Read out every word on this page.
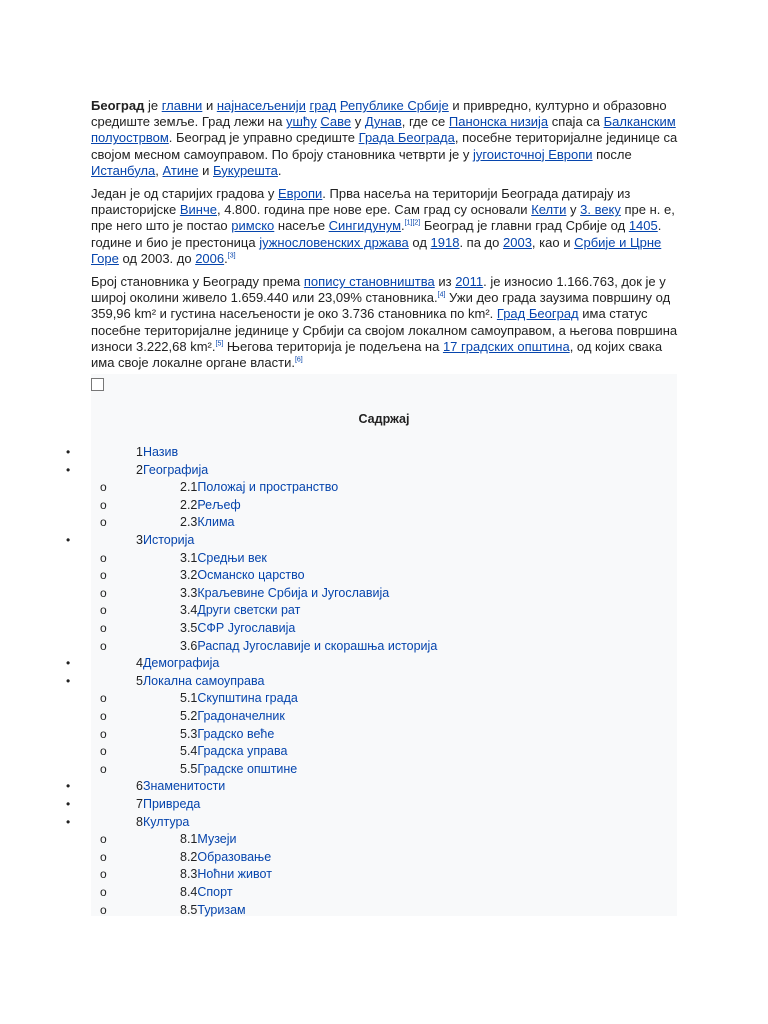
Београд је главни и најнасељенији град Републике Србије и привредно, културно и образовно средиште земље. Град лежи на ушћу Саве у Дунав, где се Панонска низија спаја са Балканским полуострвом. Београд је управно средиште Града Београда, посебне територијалне јединице са својом месном самоуправом. По броју становника четврти је у југоисточној Европи после Истанбула, Атине и Букурешта.

Један је од старијих градова у Европи. Прва насеља на територији Београда датирају из праисторијске Винче, 4.800. година пре нове ере. Сам град су основали Келти у 3. веку пре н. е, пре него што је постао римско насеље Сингидунум.[1][2] Београд је главни град Србије од 1405. године и био је престоница јужнословенских држава од 1918. па до 2003, као и Србије и Црне Горе од 2003. до 2006.[3]

Број становника у Београду према попису становништва из 2011. је износио 1.166.763, док је у широј околини живело 1.659.440 или 23,09% становника.[4] Ужи део града заузима површину од 359,96 km² и густина насељености је око 3.736 становника по km². Град Београд има статус посебне територијалне јединице у Србији са својом локалном самоуправом, а његова површина износи 3.222,68 km².[5] Његова територија је подељена на 17 градских општина, од којих свака има своје локалне органе власти.[6]

Садржај
•	1Назив
•	2Географија
o	2.1Положај и пространство
o	2.2Рељеф
o	2.3Клима
•	3Историја
o	3.1Средњи век
o	3.2Османско царство
o	3.3Краљевине Србија и Југославија
o	3.4Други светски рат
o	3.5СФР Југославија
o	3.6Распад Југославије и скорашња историја
•	4Демографија
•	5Локална самоуправа
o	5.1Скупштина града
o	5.2Градоначелник
o	5.3Градско веће
o	5.4Градска управа
o	5.5Градске општине
•	6Знаменитости
•	7Привреда
•	8Култура
o	8.1Музеји
o	8.2Образовање
o	8.3Ноћни живот
o	8.4Спорт
o	8.5Туризам
